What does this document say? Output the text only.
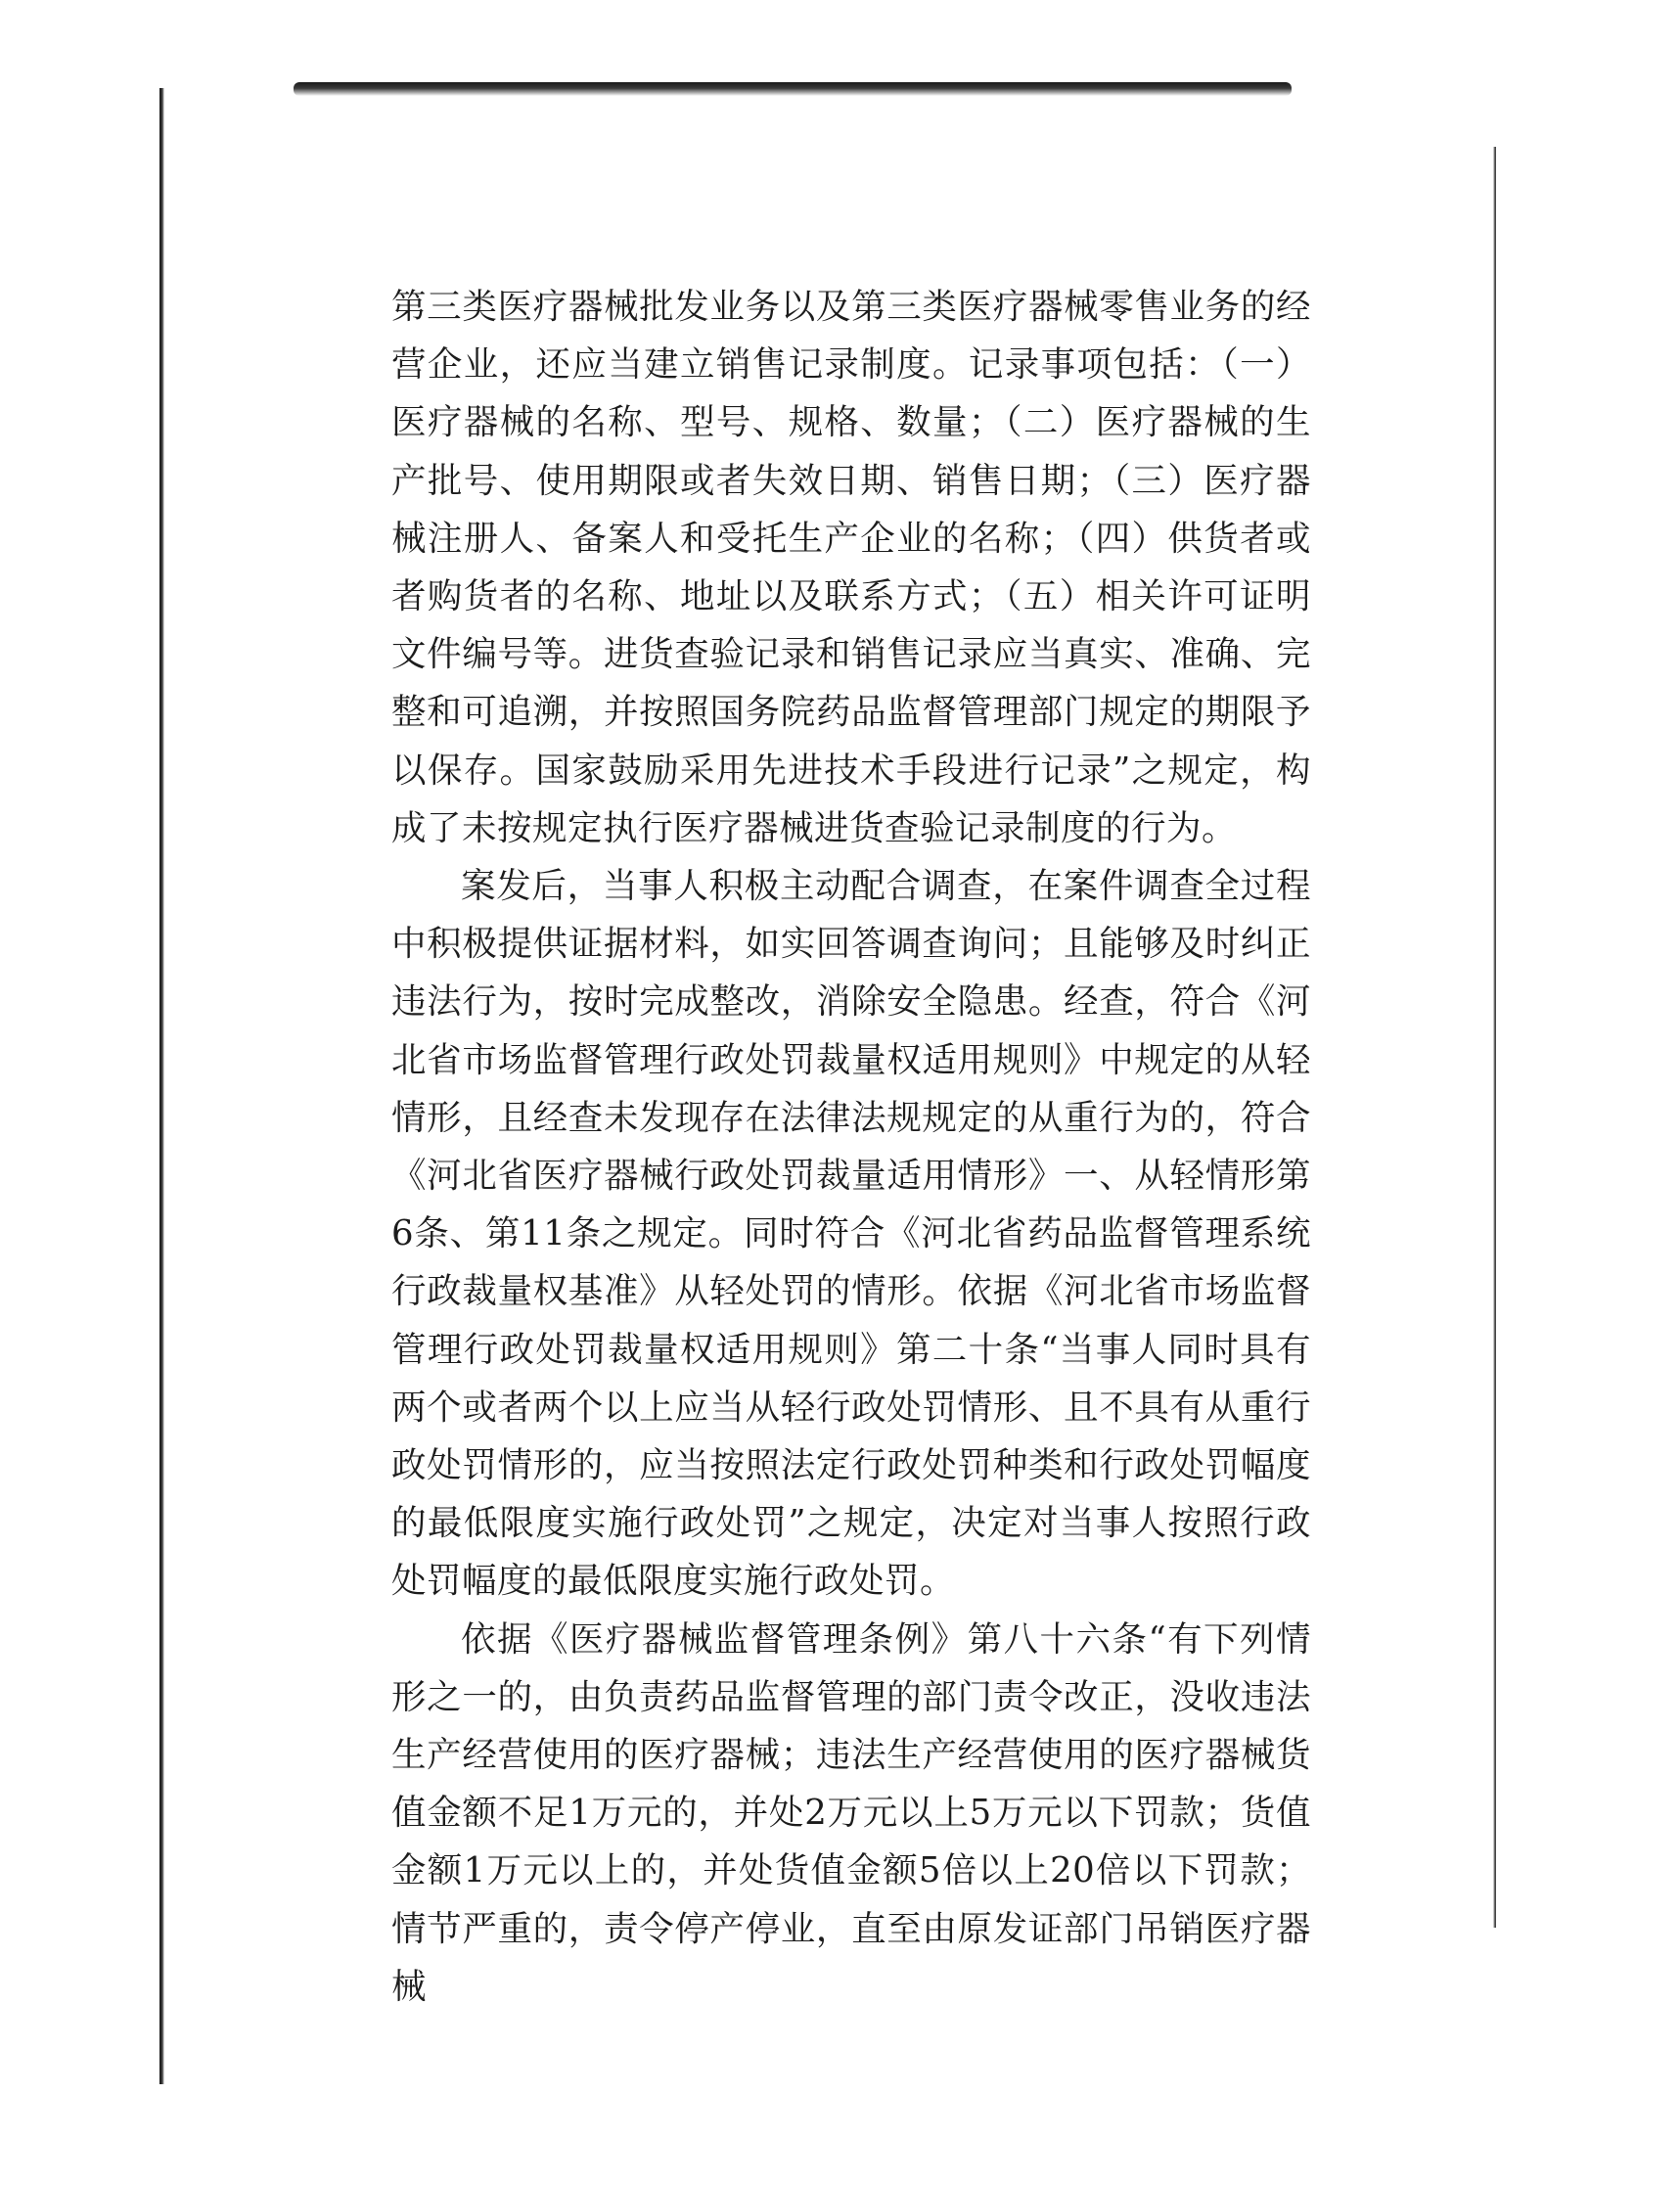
第三类医疗器械批发业务以及第三类医疗器械零售业务的经营企业，还应当建立销售记录制度。记录事项包括：（一）医疗器械的名称、型号、规格、数量；（二）医疗器械的生产批号、使用期限或者失效日期、销售日期；（三）医疗器械注册人、备案人和受托生产企业的名称；（四）供货者或者购货者的名称、地址以及联系方式；（五）相关许可证明文件编号等。进货查验记录和销售记录应当真实、准确、完整和可追溯，并按照国务院药品监督管理部门规定的期限予以保存。国家鼓励采用先进技术手段进行记录”之规定，构成了未按规定执行医疗器械进货查验记录制度的行为。

案发后，当事人积极主动配合调查，在案件调查全过程中积极提供证据材料，如实回答调查询问；且能够及时纠正违法行为，按时完成整改，消除安全隐患。经查，符合《河北省市场监督管理行政处罚裁量权适用规则》中规定的从轻情形，且经查未发现存在法律法规规定的从重行为的，符合《河北省医疗器械行政处罚裁量适用情形》一、从轻情形第6条、第11条之规定。同时符合《河北省药品监督管理系统行政裁量权基准》从轻处罚的情形。依据《河北省市场监督管理行政处罚裁量权适用规则》第二十条“当事人同时具有两个或者两个以上应当从轻行政处罚情形、且不具有从重行政处罚情形的，应当按照法定行政处罚种类和行政处罚幅度的最低限度实施行政处罚”之规定，决定对当事人按照行政处罚幅度的最低限度实施行政处罚。

依据《医疗器械监督管理条例》第八十六条“有下列情形之一的，由负责药品监督管理的部门责令改正，没收违法生产经营使用的医疗器械；违法生产经营使用的医疗器械货值金额不足1万元的，并处2万元以上5万元以下罚款；货值金额1万元以上的，并处货值金额5倍以上20倍以下罚款；情节严重的，责令停产停业，直至由原发证部门吊销医疗器械
